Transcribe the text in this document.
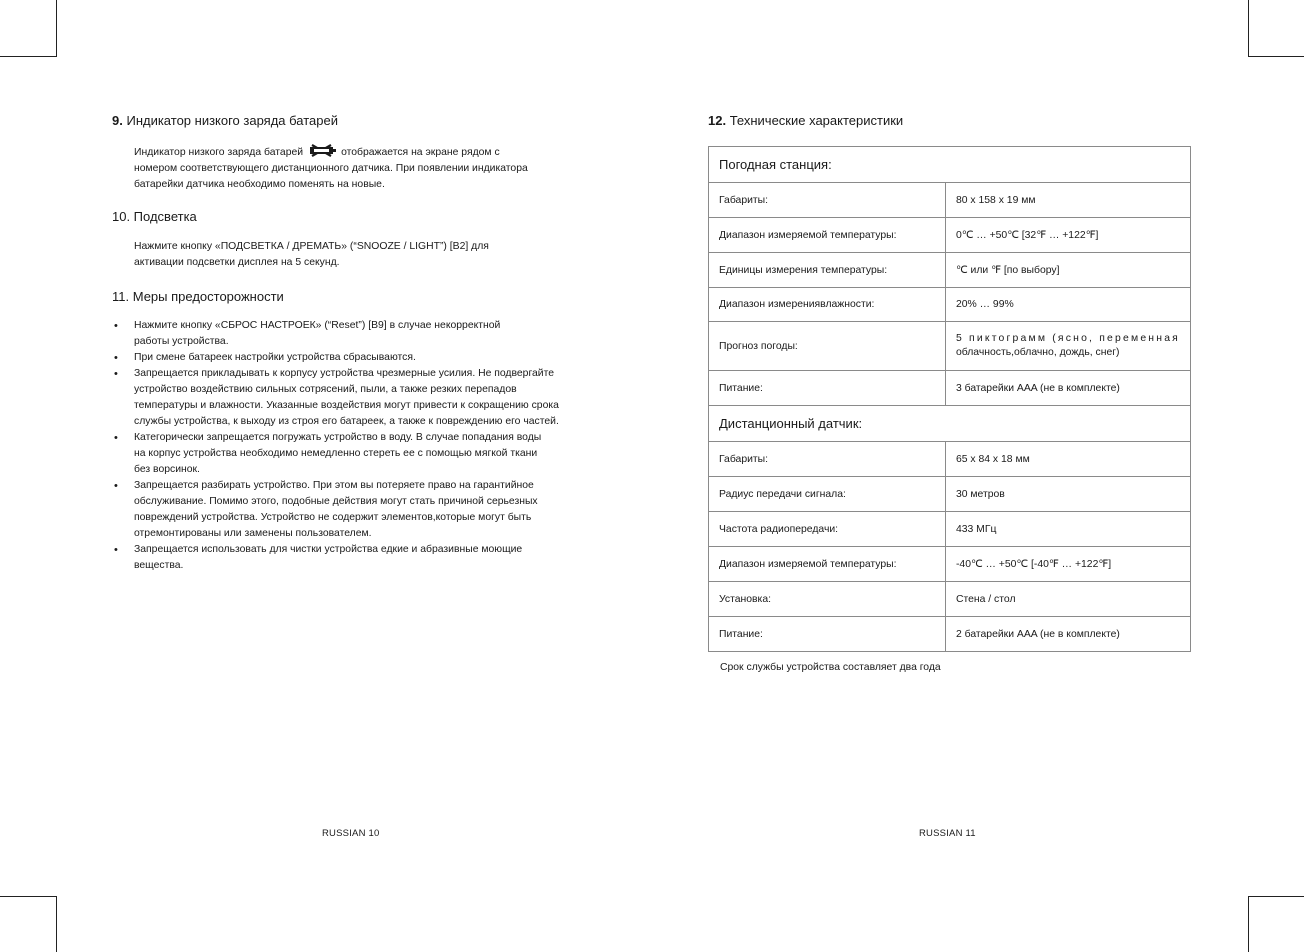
9. Индикатор низкого заряда батарей
Индикатор низкого заряда батарей	отображается на экране рядом с
номером соответствующего дистанционного датчика. При появлении индикатора
батарейки датчика необходимо поменять на новые.
10. Подсветка
Нажмите кнопку «ПОДСВЕТКА / ДРЕМАТЬ» (“SNOOZE / LIGHT”) [B2] для
активации подсветки дисплея на 5 секунд.
11. Меры предосторожности
• Нажмите кнопку «СБРОС НАСТРОЕК» (“Reset”) [B9] в случае некорректной работы устройства.
• При смене батареек настройки устройства сбрасываются.
• Запрещается прикладывать к корпусу устройства чрезмерные усилия. Не подвергайте устройство воздействию сильных сотрясений, пыли, а также резких перепадов температуры и влажности. Указанные воздействия могут привести к сокращению срока службы устройства, к выходу из строя его батареек, а также к повреждению его частей.
• Категорически запрещается погружать устройство в воду. В случае попадания воды на корпус устройства необходимо немедленно стереть ее с помощью мягкой ткани без ворсинок.
• Запрещается разбирать устройство. При этом вы потеряете право на гарантийное обслуживание. Помимо этого, подобные действия могут стать причиной серьезных повреждений устройства. Устройство не содержит элементов,которые могут быть отремонтированы или заменены пользователем.
• Запрещается использовать для чистки устройства едкие и абразивные моющие вещества.
RUSSIAN 10
12. Технические характеристики
Погодная станция:	
Габариты:	80 x 158 x 19 мм
Диапазон измеряемой температуры:	0℃ … +50℃ [32℉ … +122℉]
Единицы измерения температуры:	℃ или ℉ [по выбору]
Диапазон измерениявлажности:	20% … 99%
Прогноз погоды:	5 пиктограмм (ясно, переменная
облачность,облачно, дождь, снег)

Питание:	3 батарейки AAA (не в комплекте)
Дистанционный датчик:	
Габариты:	65 x 84 x 18 мм
Радиус передачи сигнала:	30 метров
Частота радиопередачи:	433 МГц
Диапазон измеряемой температуры:	-40℃ … +50℃ [-40℉ … +122℉]
Установка:	Стена / стол
Питание:	2 батарейки AAA (не в комплекте)
Срок службы устройства составляет два года
RUSSIAN 11
